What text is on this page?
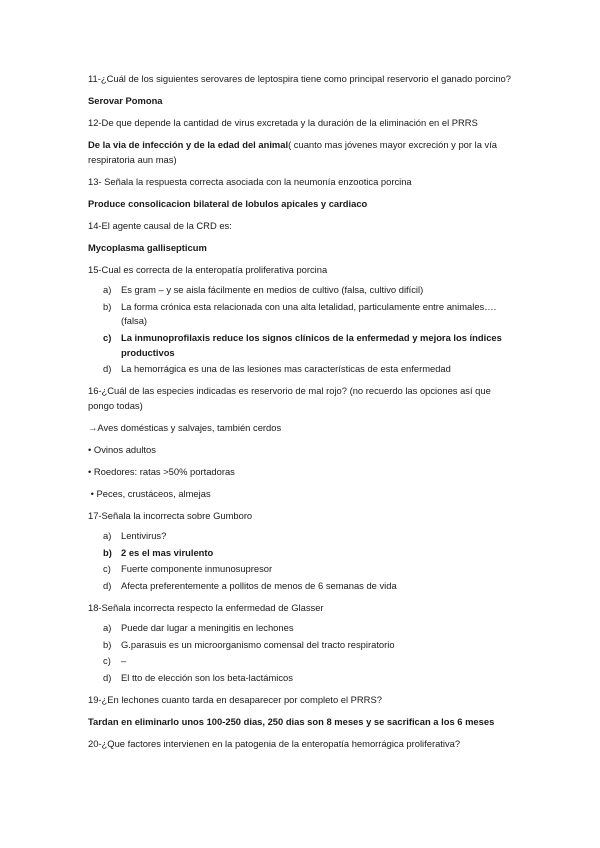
11-¿Cuál de los siguientes serovares de leptospira tiene como principal reservorio el ganado porcino?

Serovar Pomona

12-De que depende la cantidad de virus excretada y la duración de la eliminación en el PRRS

De la via de infección y de la edad del animal( cuanto mas jóvenes mayor excreción y por la vía respiratoria aun mas)

13- Señala la respuesta correcta asociada con la neumonía enzootica porcina

Produce consolicacion bilateral de lobulos apicales y cardiaco

14-El agente causal de la CRD es:

Mycoplasma gallisepticum

15-Cual es correcta de la enteropatía proliferativa porcina

a) Es gram – y se aisla fácilmente en medios de cultivo (falsa, cultivo difícil)
b) La forma crónica esta relacionada con una alta letalidad, particulamente entre animales….(falsa)
c) La inmunoprofilaxis reduce los signos clínicos de la enfermedad y mejora los índices productivos
d) La hemorrágica es una de las lesiones mas características de esta enfermedad

16-¿Cuál de las especies indicadas es reservorio de mal rojo? (no recuerdo las opciones así que pongo todas)

→Aves domésticas y salvajes, también cerdos

• Ovinos adultos

• Roedores: ratas >50% portadoras

• Peces, crustáceos, almejas

17-Señala la incorrecta sobre Gumboro

a) Lentivirus?
b) 2 es el mas virulento
c) Fuerte componente inmunosupresor
d) Afecta preferentemente a pollitos de menos de 6 semanas de vida

18-Señala incorrecta respecto la enfermedad de Glasser

a) Puede dar lugar a meningitis en lechones
b) G.parasuis es un microorganismo comensal del tracto respiratorio
c) –
d) El tto de elección son los beta-lactámicos

19-¿En lechones cuanto tarda en desaparecer por completo el PRRS?

Tardan en eliminarlo unos 100-250 dias, 250 dias son 8 meses y se sacrifican a los 6 meses

20-¿Que factores intervienen en la patogenia de la enteropatía hemorrágica proliferativa?
